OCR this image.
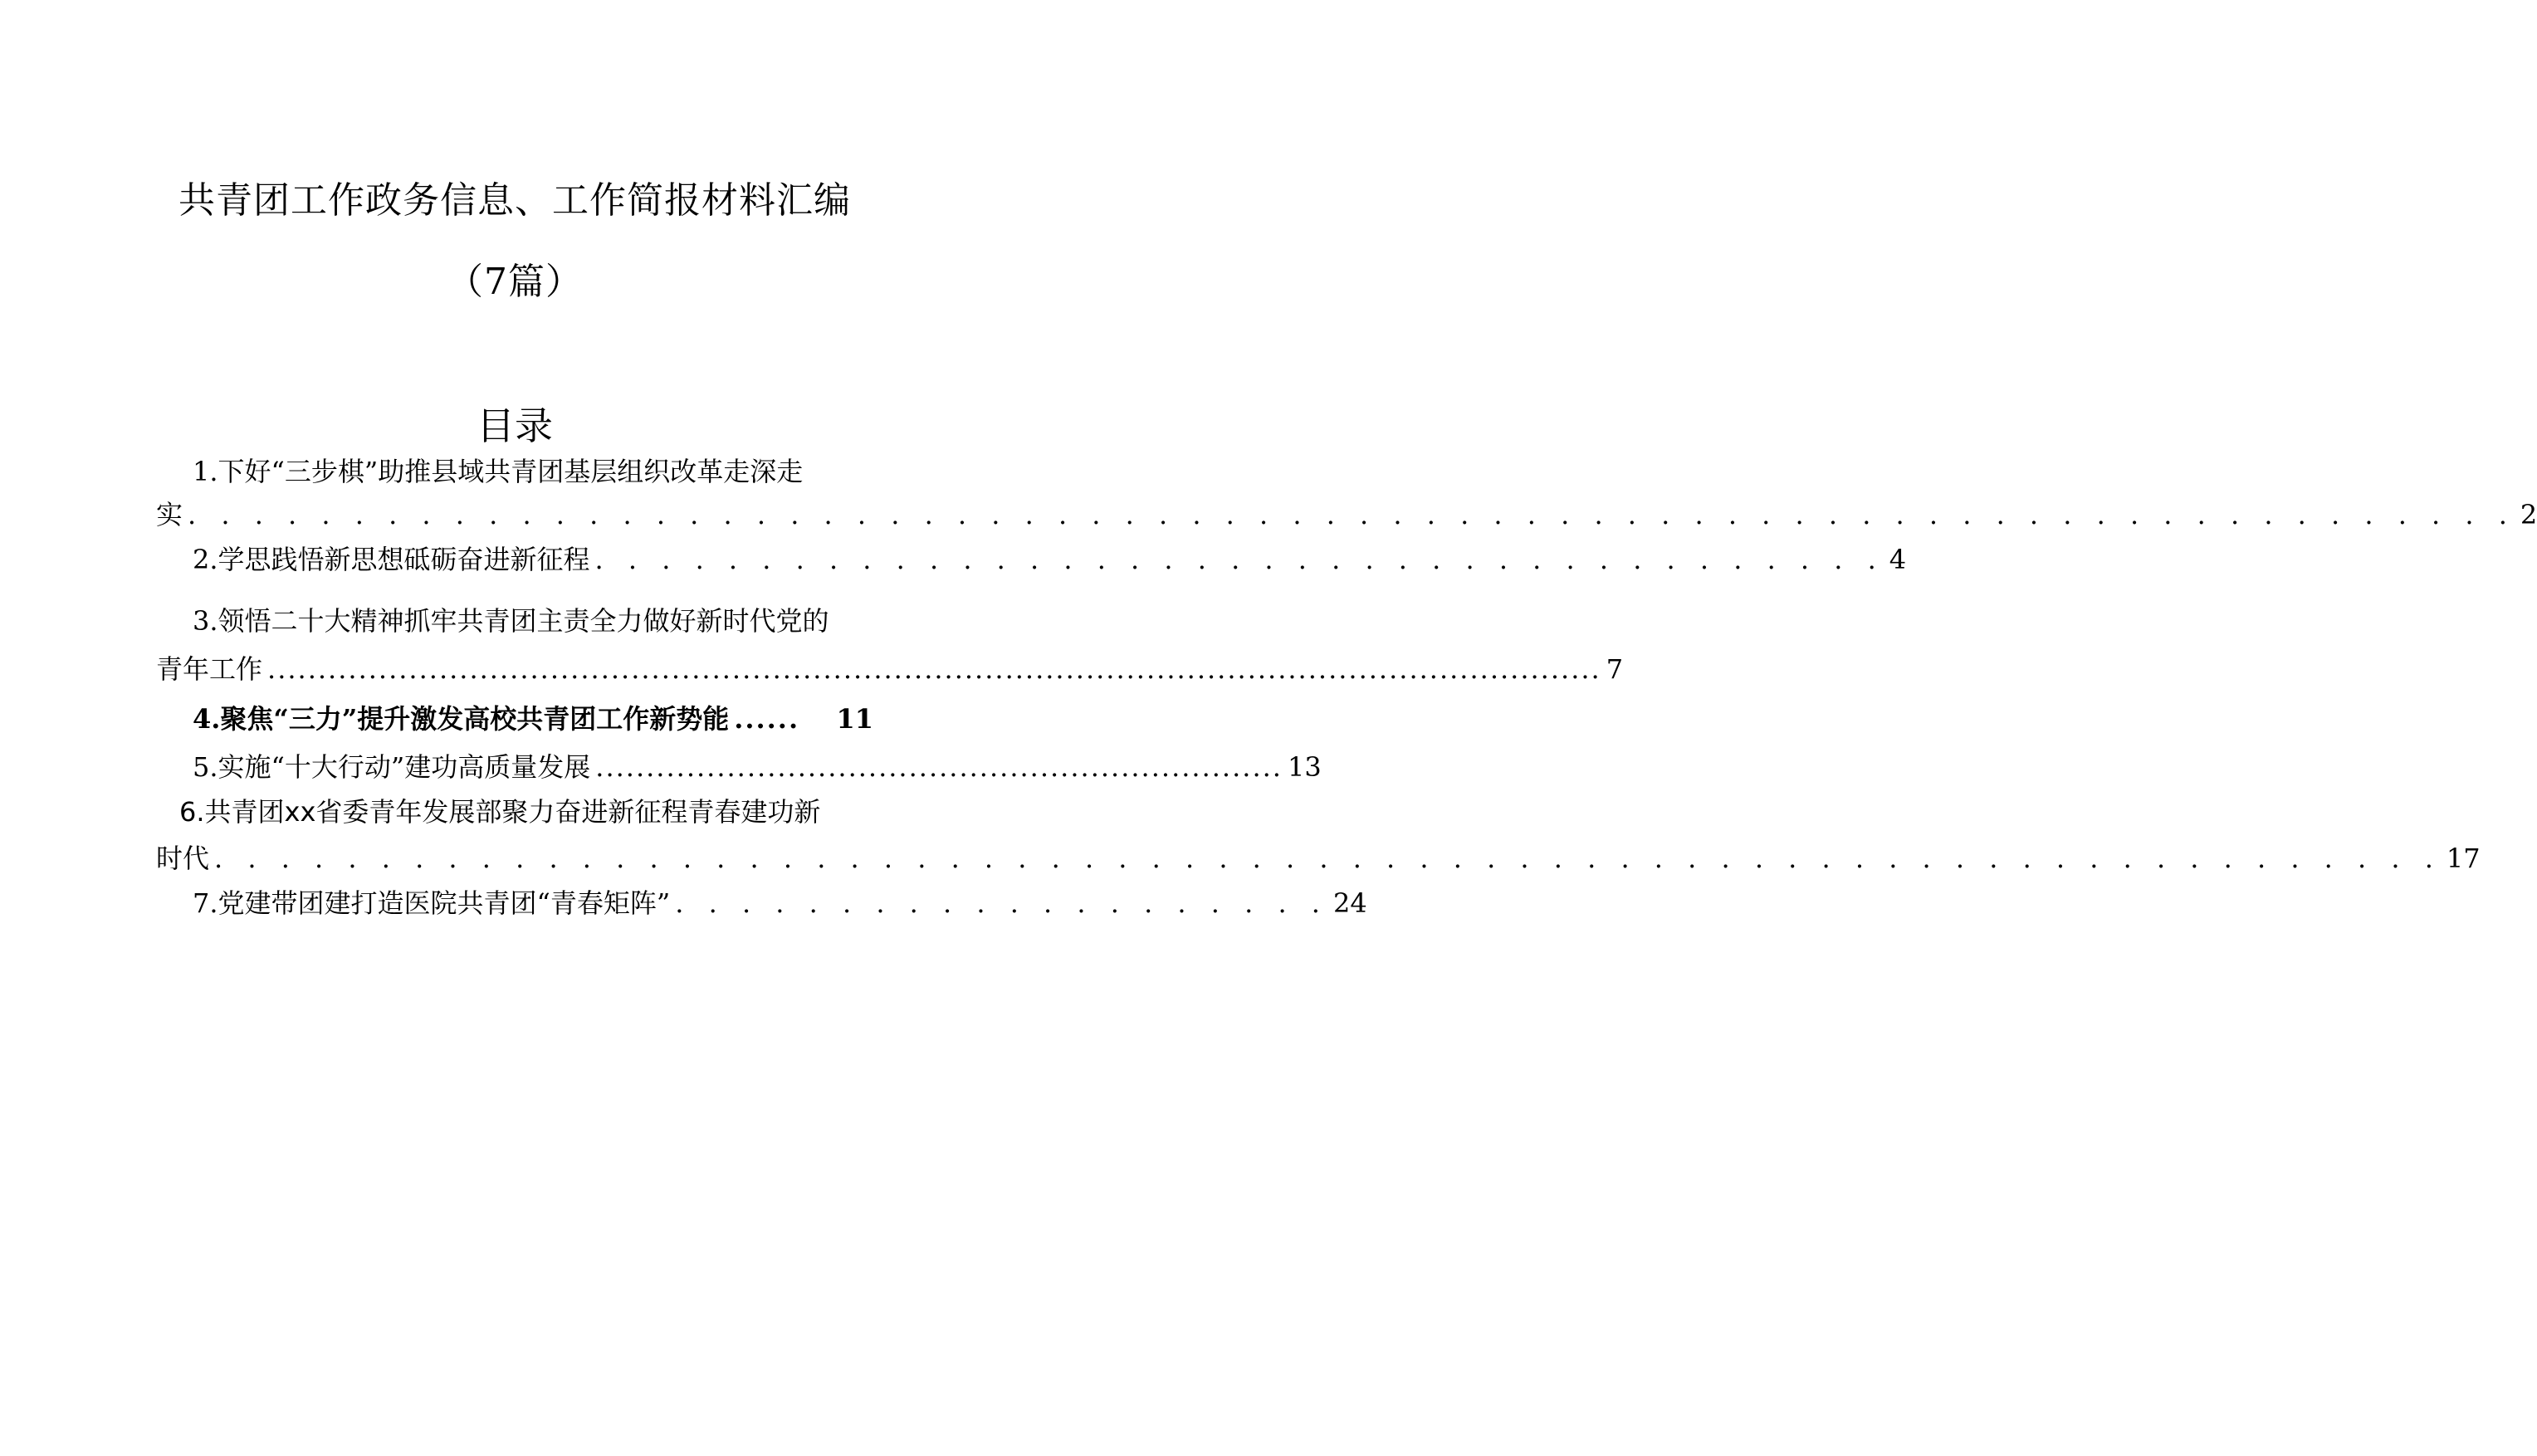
共青团工作政务信息、工作简报材料汇编
（7篇）
目录
1.下好“三步棋”助推县域共青团基层组织改革走深走
实 . . . . . . . . . . . . . . . . . . . . . . . . . . . . . . . . . . . . . . . . . . . . . . . . . . . . . . . . . . . . . . . . . . . . . . 2
2.学思践悟新思想砥砺奋进新征程 . . . . . . . . . . . . . . . . . . . . . . . . . . . . . . . . . . . . . . . 4
3.领悟二十大精神抓牢共青团主责全力做好新时代党的
青年工作 .................................................................................................................................... 7
4.聚焦“三力”提升激发高校共青团工作新势能 ......	11
5.实施“十大行动”建功高质量发展 .................................................................... 13
6.共青团xx省委青年发展部聚力奋进新征程青春建功新
时代 . . . . . . . . . . . . . . . . . . . . . . . . . . . . . . . . . . . . . . . . . . . . . . . . . . . . . . . . . . . . . . . . . . . 17
7.党建带团建打造医院共青团“青春矩阵” . . . . . . . . . . . . . . . . . . . . 24
